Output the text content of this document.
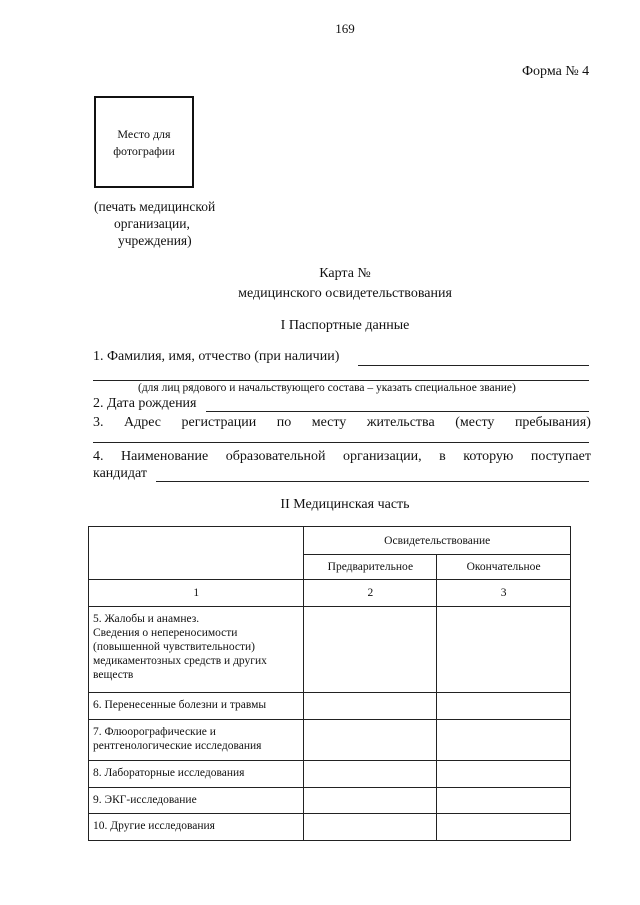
169
Форма № 4
Место для
фотографии
(печать медицинской
организации,
учреждения)
Карта №
медицинского освидетельствования
I Паспортные данные
1. Фамилия, имя, отчество (при наличии)
(для лиц рядового и начальствующего состава – указать специальное звание)
2. Дата рождения
3. Адрес регистрации по месту жительства (месту пребывания)
4. Наименование образовательной организации, в которую поступает
кандидат
II Медицинская часть
	Освидетельствование	
	Предварительное	Окончательное
1	2	3

5. Жалобы и анамнез.
Сведения о непереносимости
(повышенной чувствительности)
медикаментозных средств и других
веществ		

6. Перенесенные болезни и травмы		

7. Флюорографические и
рентгенологические исследования		

8. Лабораторные исследования		

9. ЭКГ-исследование		

10. Другие исследования		
